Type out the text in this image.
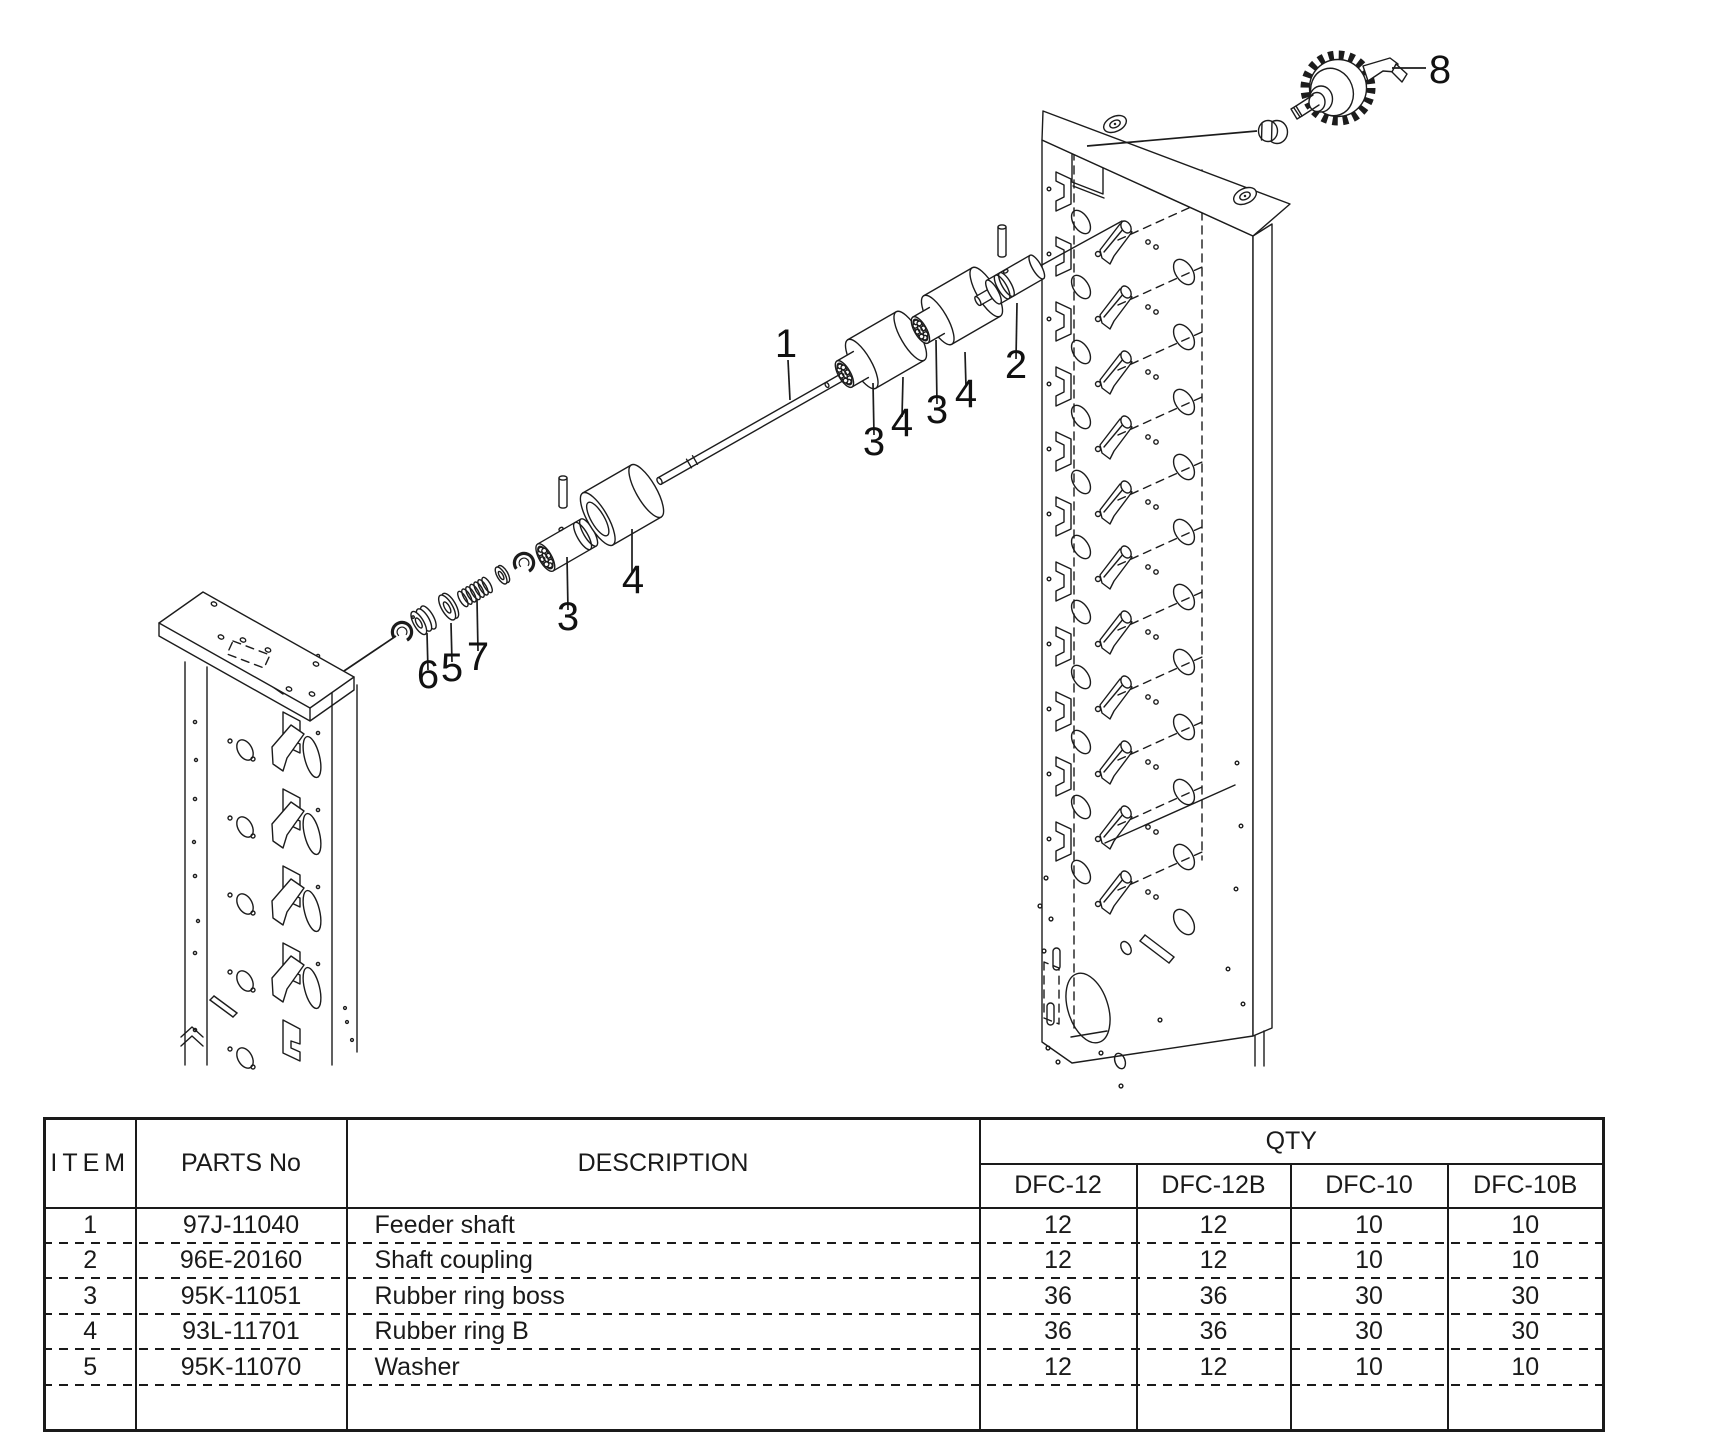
1	2
3 4 3 4
3
4
5
6 7
8
ITEM	PARTS No	DESCRIPTION	QTY			
			DFC-12	DFC-12B	DFC-10	DFC-10B
1	97J-11040	Feeder shaft	12	12	10	10
2	96E-20160	Shaft coupling	12	12	10	10
3	95K-11051	Rubber ring boss	36	36	30	30
4	93L-11701	Rubber ring B	36	36	30	30
5	95K-11070	Washer	12	12	10	10
